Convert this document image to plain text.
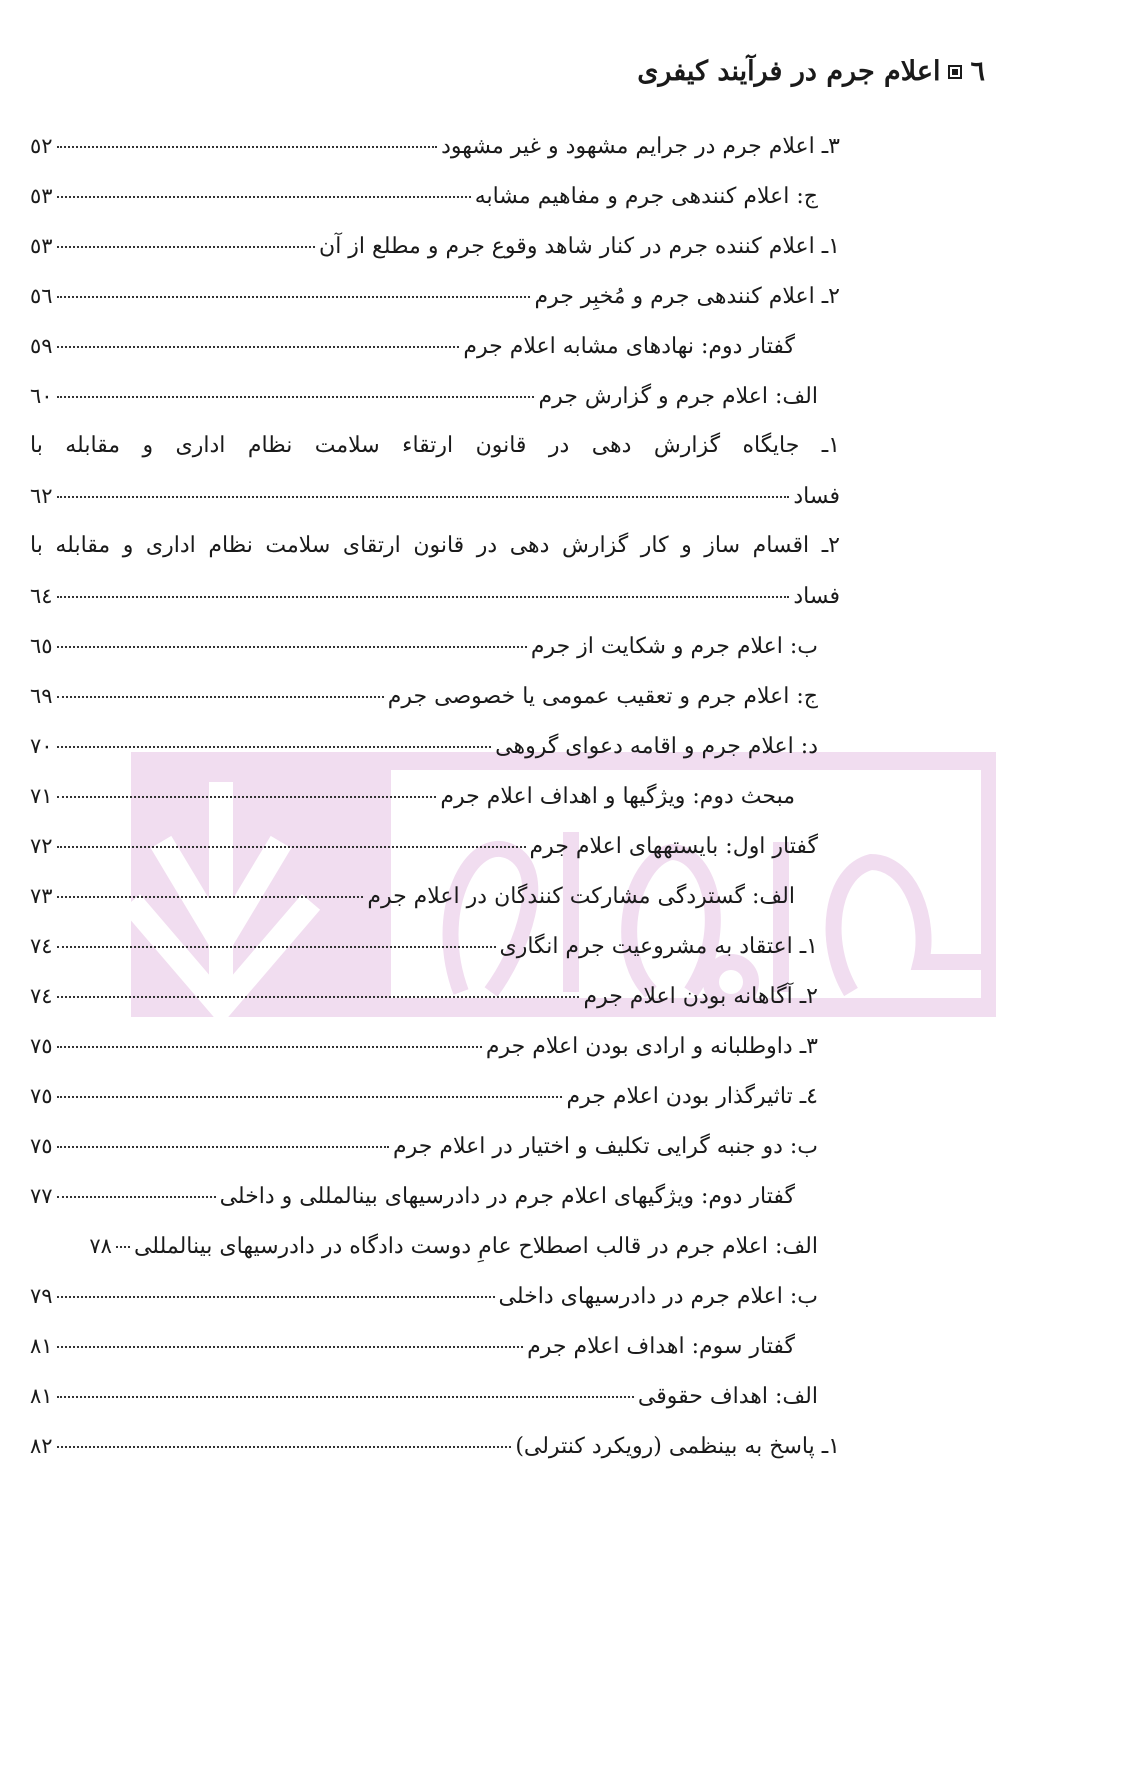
٦
اعلام جرم در فرآیند کیفری
۳ـ اعلام جرم در جرایم مشهود و غیر مشهود
٥٢
ج: اعلام کنندهی جرم و مفاهیم مشابه
٥٣
۱ـ اعلام کننده جرم در کنار شاهد وقوع جرم و مطلع از آن
٥٣
۲ـ اعلام کنندهی جرم و مُخبِر جرم
٥٦
گفتار دوم: نهادهای مشابه اعلام جرم
٥٩
الف: اعلام جرم و گزارش جرم
٦٠
۱ـ جایگاه گزارش دهی در قانون ارتقاء سلامت نظام اداری و مقابله با
فساد
٦٢
۲ـ اقسام ساز و کار گزارش دهی در قانون ارتقای سلامت نظام اداری و مقابله با
فساد
٦٤
ب: اعلام جرم و شکایت از جرم
٦٥
ج: اعلام جرم و تعقیب عمومی یا خصوصی جرم
٦٩
د: اعلام جرم و اقامه دعوای گروهی
٧٠
مبحث دوم: ویژگیها و اهداف اعلام جرم
٧١
گفتار اول: بایستههای اعلام جرم
٧٢
الف: گستردگی مشارکت کنندگان در اعلام جرم
٧٣
۱ـ اعتقاد به مشروعیت جرم انگاری
٧٤
۲ـ آگاهانه بودن اعلام جرم
٧٤
۳ـ داوطلبانه و ارادی بودن اعلام جرم
٧٥
٤ـ تاثیرگذار بودن اعلام جرم
٧٥
ب: دو جنبه گرایی تکلیف و اختیار در اعلام جرم
٧٥
گفتار دوم: ویژگیهای اعلام جرم در دادرسیهای بینالمللی و داخلی
٧٧
الف: اعلام جرم در قالب اصطلاح عامِ دوست دادگاه در دادرسیهای بینالمللی
٧٨
ب: اعلام جرم در دادرسیهای داخلی
٧٩
گفتار سوم: اهداف اعلام جرم
٨١
الف: اهداف حقوقی
٨١
۱ـ پاسخ به بینظمی (رویکرد کنترلی)
٨٢
